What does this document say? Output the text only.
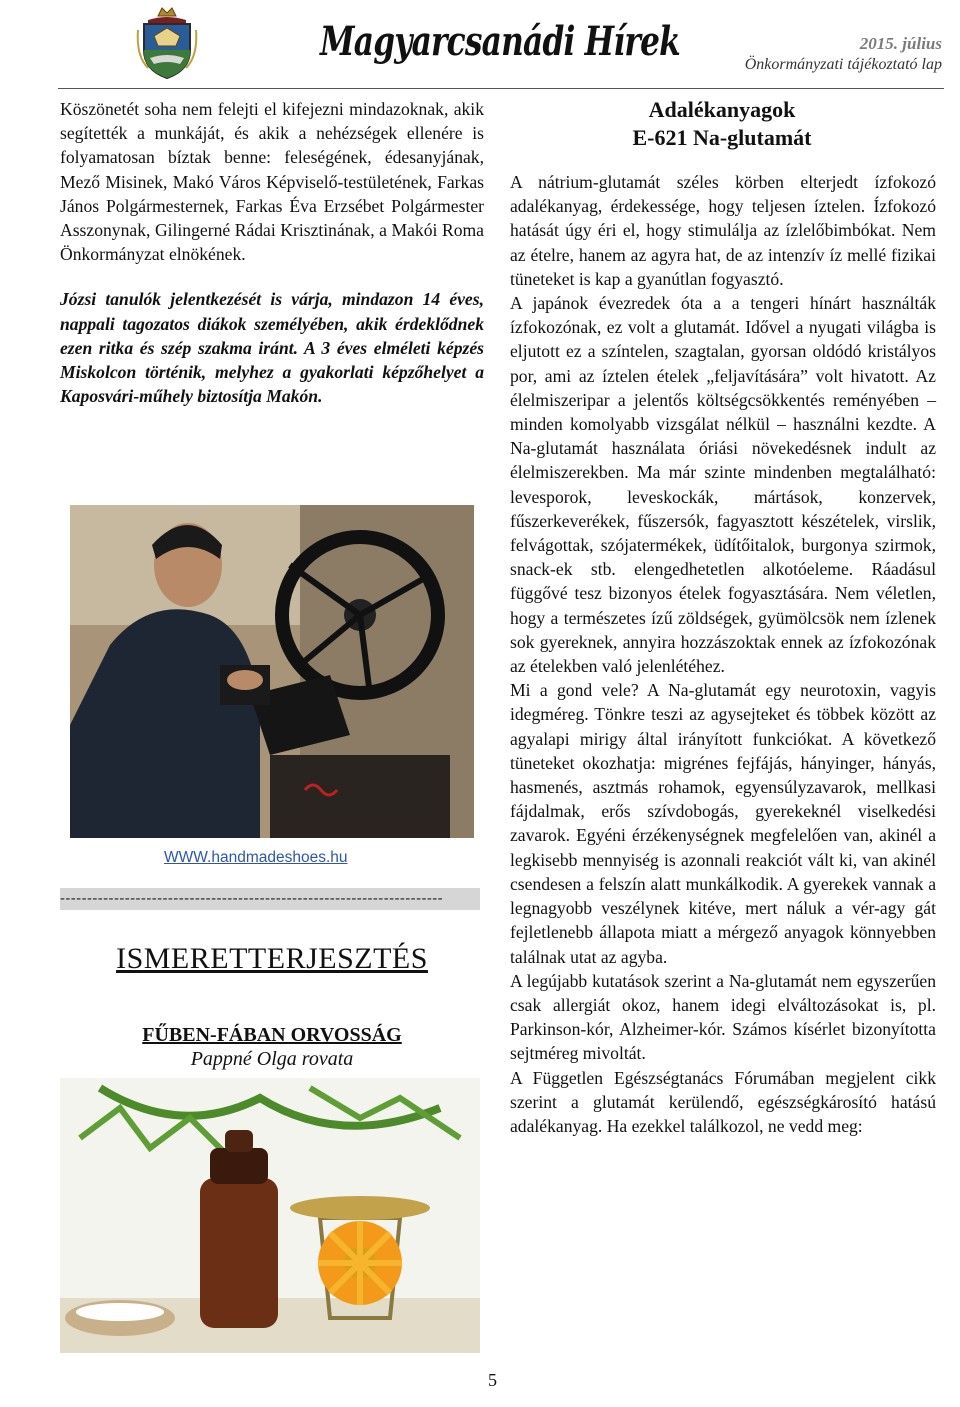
Magyarcsanádi Hírek	2015. július
Önkormányzati tájékoztató lap

Köszönetét soha nem felejti el kifejezni mindazoknak, akik segítették a munkáját, és akik a nehézségek ellenére is folyamatosan bíztak benne: feleségének, édesanyjának, Mező Misinek, Makó Város Képviselő-testületének, Farkas János Polgármesternek, Farkas Éva Erzsébet Polgármester Asszonynak, Gilingerné Rádai Krisztinának, a Makói Roma Önkormányzat elnökének.

Józsi tanulók jelentkezését is várja, mindazon 14 éves, nappali tagozatos diákok személyében, akik érdeklődnek ezen ritka és szép szakma iránt. A 3 éves elméleti képzés Miskolcon történik, melyhez a gyakorlati képzőhelyet a Kaposvári-műhely biztosítja Makón.

WWW.handmadeshoes.hu
-----------------------------------------------------------------------
ISMERETTERJESZTÉS
FŰBEN-FÁBAN ORVOSSÁG
Pappné Olga rovata
Adalékanyagok
E-621 Na-glutamát

A nátrium-glutamát széles körben elterjedt ízfokozó adalékanyag, érdekessége, hogy teljesen íztelen. Ízfokozó hatását úgy éri el, hogy stimulálja az ízlelőbimbókat. Nem az ételre, hanem az agyra hat, de az intenzív íz mellé fizikai tüneteket is kap a gyanútlan fogyasztó.

A japánok évezredek óta a a tengeri hínárt használták ízfokozónak, ez volt a glutamát. Idővel a nyugati világba is eljutott ez a színtelen, szagtalan, gyorsan oldódó kristályos por, ami az íztelen ételek „feljavítására” volt hivatott. Az élelmiszeripar a jelentős költségcsökkentés reményében – minden komolyabb vizsgálat nélkül – használni kezdte. A Na-glutamát használata óriási növekedésnek indult az élelmiszerekben. Ma már szinte mindenben megtalálható: levesporok, leveskockák, mártások, konzervek, fűszerkeverékek, fűszersók, fagyasztott készételek, virslik, felvágottak, szójatermékek, üdítőitalok, burgonya szirmok, snack-ek stb. elengedhetetlen alkotóeleme. Ráadásul függővé tesz bizonyos ételek fogyasztására. Nem véletlen, hogy a természetes ízű zöldségek, gyümölcsök nem ízlenek sok gyereknek, annyira hozzászoktak ennek az ízfokozónak az ételekben való jelenlétéhez.

Mi a gond vele? A Na-glutamát egy neurotoxin, vagyis idegméreg. Tönkre teszi az agysejteket és többek között az agyalapi mirigy által irányított funkciókat. A következő tüneteket okozhatja: migrénes fejfájás, hányinger, hányás, hasmenés, asztmás rohamok, egyensúlyzavarok, mellkasi fájdalmak, erős szívdobogás, gyerekeknél viselkedési zavarok. Egyéni érzékenységnek megfelelően van, akinél a legkisebb mennyiség is azonnali reakciót vált ki, van akinél csendesen a felszín alatt munkálkodik. A gyerekek vannak a legnagyobb veszélynek kitéve, mert náluk a vér-agy gát fejletlenebb állapota miatt a mérgező anyagok könnyebben találnak utat az agyba.

A legújabb kutatások szerint a Na-glutamát nem egyszerűen csak allergiát okoz, hanem idegi elváltozásokat is, pl. Parkinson-kór, Alzheimer-kór. Számos kísérlet bizonyította sejtméreg mivoltát.

A Független Egészségtanács Fórumában megjelent cikk szerint a glutamát kerülendő, egészségkárosító hatású adalékanyag. Ha ezekkel találkozol, ne vedd meg:

5
